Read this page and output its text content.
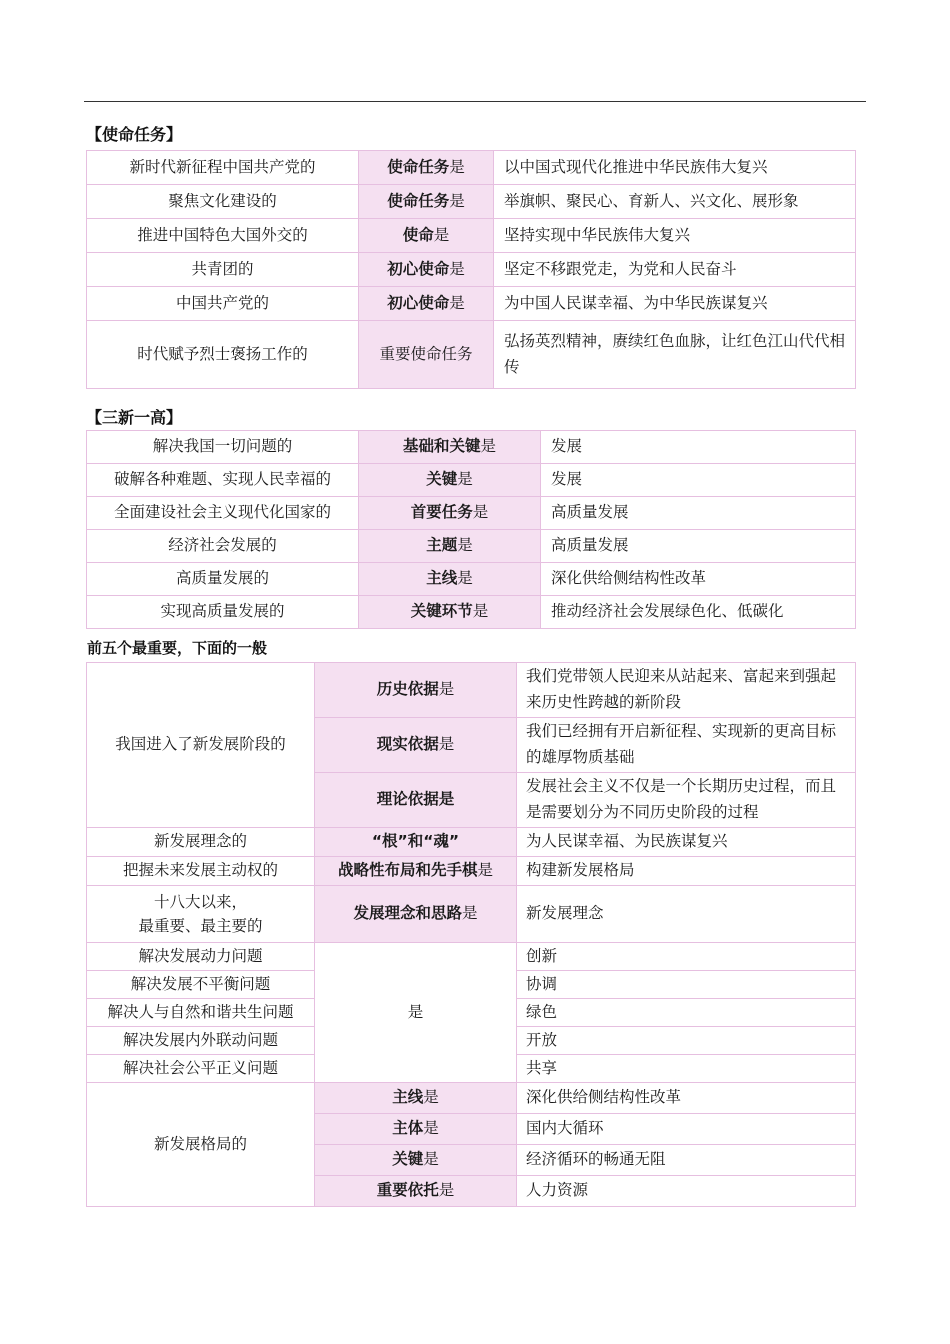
【使命任务】
新时代新征程中国共产党的	使命任务是	以中国式现代化推进中华民族伟大复兴
聚焦文化建设的	使命任务是	举旗帜、聚民心、育新人、兴文化、展形象
推进中国特色大国外交的	使命是	坚持实现中华民族伟大复兴
共青团的	初心使命是	坚定不移跟党走，为党和人民奋斗
中国共产党的	初心使命是	为中国人民谋幸福、为中华民族谋复兴
时代赋予烈士褒扬工作的	重要使命任务	弘扬英烈精神，赓续红色血脉，让红色江山代代相传
【三新一高】
解决我国一切问题的	基础和关键是	发展
破解各种难题、实现人民幸福的	关键是	发展
全面建设社会主义现代化国家的	首要任务是	高质量发展
经济社会发展的	主题是	高质量发展
高质量发展的	主线是	深化供给侧结构性改革
实现高质量发展的	关键环节是	推动经济社会发展绿色化、低碳化
前五个最重要，下面的一般
我国进入了新发展阶段的	历史依据是	我们党带领人民迎来从站起来、富起来到强起来历史性跨越的新阶段
	现实依据是	我们已经拥有开启新征程、实现新的更高目标的雄厚物质基础
	理论依据是	发展社会主义不仅是一个长期历史过程，而且是需要划分为不同历史阶段的过程
新发展理念的	“根”和“魂”	为人民谋幸福、为民族谋复兴
把握未来发展主动权的	战略性布局和先手棋是	构建新发展格局

十八大以来，
最重要、最主要的	发展理念和思路是	新发展理念
解决发展动力问题	是	创新
解决发展不平衡问题		协调
解决人与自然和谐共生问题		绿色
解决发展内外联动问题		开放
解决社会公平正义问题		共享
新发展格局的	主线是	深化供给侧结构性改革
	主体是	国内大循环
	关键是	经济循环的畅通无阻
	重要依托是	人力资源
